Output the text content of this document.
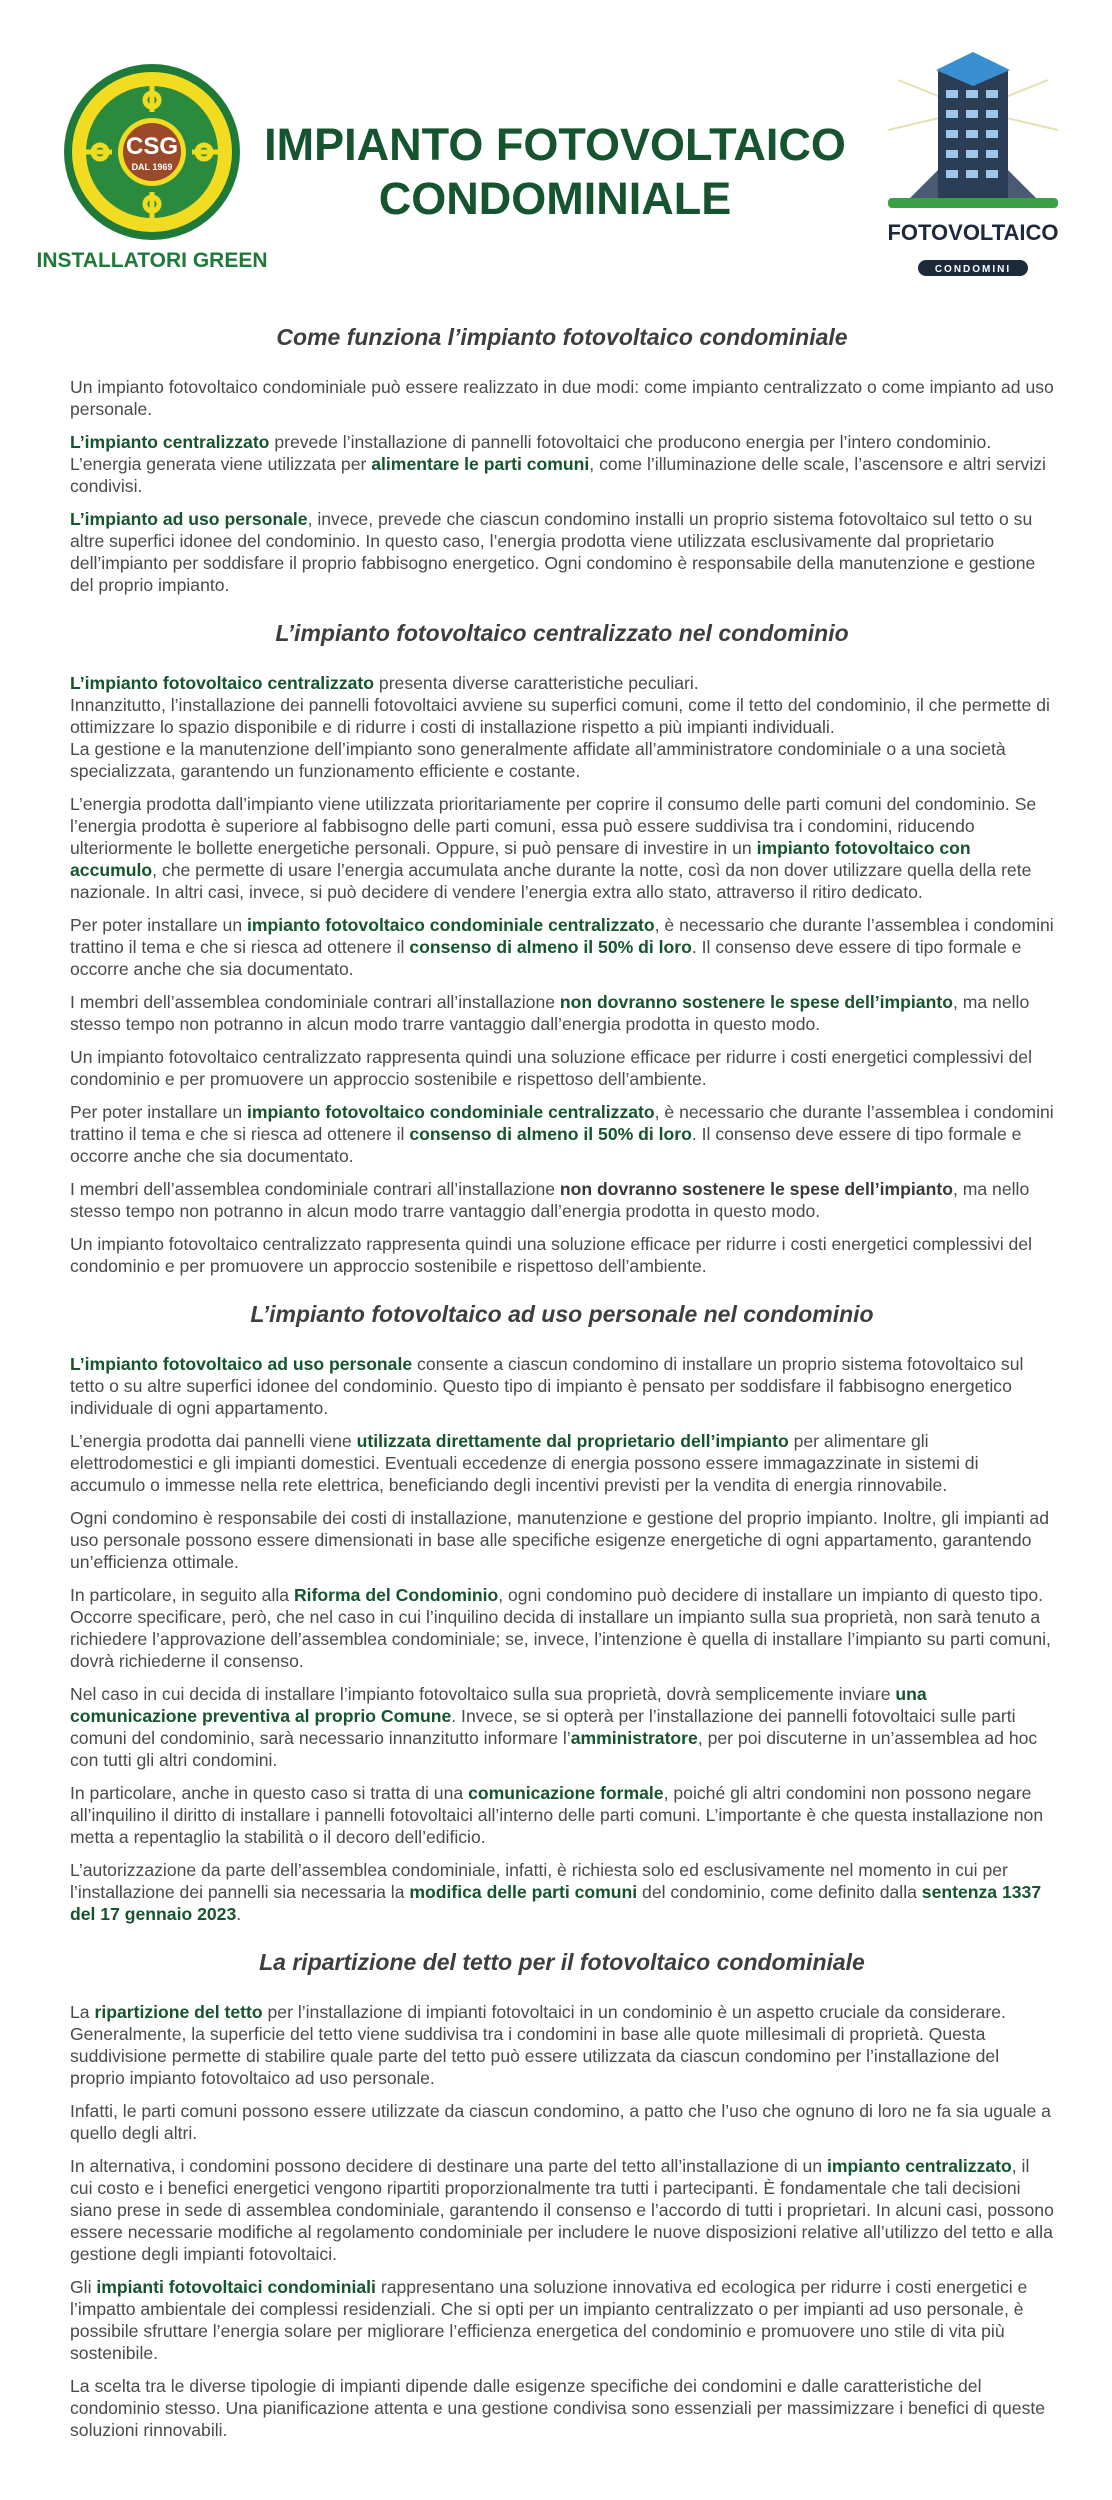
CSG
DAL 1969
INSTALLATORI GREEN
IMPIANTO FOTOVOLTAICO
CONDOMINIALE
FOTOVOLTAICO
CONDOMINI
Come funziona l’impianto fotovoltaico condominiale

Un impianto fotovoltaico condominiale può essere realizzato in due modi: come impianto centralizzato o come impianto ad uso personale.

L’impianto centralizzato prevede l’installazione di pannelli fotovoltaici che producono energia per l’intero condominio.
L’energia generata viene utilizzata per alimentare le parti comuni, come l’illuminazione delle scale, l’ascensore e altri servizi condivisi.

L’impianto ad uso personale, invece, prevede che ciascun condomino installi un proprio sistema fotovoltaico sul tetto o su altre superfici idonee del condominio. In questo caso, l’energia prodotta viene utilizzata esclusivamente dal proprietario dell’impianto per soddisfare il proprio fabbisogno energetico. Ogni condomino è responsabile della manutenzione e gestione del proprio impianto.

L’impianto fotovoltaico centralizzato nel condominio

L’impianto fotovoltaico centralizzato presenta diverse caratteristiche peculiari.
Innanzitutto, l’installazione dei pannelli fotovoltaici avviene su superfici comuni, come il tetto del condominio, il che permette di ottimizzare lo spazio disponibile e di ridurre i costi di installazione rispetto a più impianti individuali.
La gestione e la manutenzione dell’impianto sono generalmente affidate all’amministratore condominiale o a una società specializzata, garantendo un funzionamento efficiente e costante.

L’energia prodotta dall’impianto viene utilizzata prioritariamente per coprire il consumo delle parti comuni del condominio. Se l’energia prodotta è superiore al fabbisogno delle parti comuni, essa può essere suddivisa tra i condomini, riducendo ulteriormente le bollette energetiche personali. Oppure, si può pensare di investire in un impianto fotovoltaico con accumulo, che permette di usare l’energia accumulata anche durante la notte, così da non dover utilizzare quella della rete nazionale. In altri casi, invece, si può decidere di vendere l’energia extra allo stato, attraverso il ritiro dedicato.

Per poter installare un impianto fotovoltaico condominiale centralizzato, è necessario che durante l’assemblea i condomini trattino il tema e che si riesca ad ottenere il consenso di almeno il 50% di loro. Il consenso deve essere di tipo formale e occorre anche che sia documentato.

I membri dell’assemblea condominiale contrari all’installazione non dovranno sostenere le spese dell’impianto, ma nello stesso tempo non potranno in alcun modo trarre vantaggio dall’energia prodotta in questo modo.

Un impianto fotovoltaico centralizzato rappresenta quindi una soluzione efficace per ridurre i costi energetici complessivi del condominio e per promuovere un approccio sostenibile e rispettoso dell’ambiente.

Per poter installare un impianto fotovoltaico condominiale centralizzato, è necessario che durante l’assemblea i condomini trattino il tema e che si riesca ad ottenere il consenso di almeno il 50% di loro. Il consenso deve essere di tipo formale e occorre anche che sia documentato.

I membri dell’assemblea condominiale contrari all’installazione non dovranno sostenere le spese dell’impianto, ma nello stesso tempo non potranno in alcun modo trarre vantaggio dall’energia prodotta in questo modo.

Un impianto fotovoltaico centralizzato rappresenta quindi una soluzione efficace per ridurre i costi energetici complessivi del condominio e per promuovere un approccio sostenibile e rispettoso dell’ambiente.

L’impianto fotovoltaico ad uso personale nel condominio

L’impianto fotovoltaico ad uso personale consente a ciascun condomino di installare un proprio sistema fotovoltaico sul tetto o su altre superfici idonee del condominio. Questo tipo di impianto è pensato per soddisfare il fabbisogno energetico individuale di ogni appartamento.

L’energia prodotta dai pannelli viene utilizzata direttamente dal proprietario dell’impianto per alimentare gli elettrodomestici e gli impianti domestici. Eventuali eccedenze di energia possono essere immagazzinate in sistemi di accumulo o immesse nella rete elettrica, beneficiando degli incentivi previsti per la vendita di energia rinnovabile.

Ogni condomino è responsabile dei costi di installazione, manutenzione e gestione del proprio impianto. Inoltre, gli impianti ad uso personale possono essere dimensionati in base alle specifiche esigenze energetiche di ogni appartamento, garantendo un’efficienza ottimale.

In particolare, in seguito alla Riforma del Condominio, ogni condomino può decidere di installare un impianto di questo tipo. Occorre specificare, però, che nel caso in cui l’inquilino decida di installare un impianto sulla sua proprietà, non sarà tenuto a richiedere l’approvazione dell’assemblea condominiale; se, invece, l’intenzione è quella di installare l’impianto su parti comuni, dovrà richiederne il consenso.

Nel caso in cui decida di installare l’impianto fotovoltaico sulla sua proprietà, dovrà semplicemente inviare una comunicazione preventiva al proprio Comune. Invece, se si opterà per l’installazione dei pannelli fotovoltaici sulle parti comuni del condominio, sarà necessario innanzitutto informare l’amministratore, per poi discuterne in un’assemblea ad hoc con tutti gli altri condomini.

In particolare, anche in questo caso si tratta di una comunicazione formale, poiché gli altri condomini non possono negare all’inquilino il diritto di installare i pannelli fotovoltaici all’interno delle parti comuni. L’importante è che questa installazione non metta a repentaglio la stabilità o il decoro dell’edificio.

L’autorizzazione da parte dell’assemblea condominiale, infatti, è richiesta solo ed esclusivamente nel momento in cui per l’installazione dei pannelli sia necessaria la modifica delle parti comuni del condominio, come definito dalla sentenza 1337 del 17 gennaio 2023.

La ripartizione del tetto per il fotovoltaico condominiale

La ripartizione del tetto per l’installazione di impianti fotovoltaici in un condominio è un aspetto cruciale da considerare. Generalmente, la superficie del tetto viene suddivisa tra i condomini in base alle quote millesimali di proprietà. Questa suddivisione permette di stabilire quale parte del tetto può essere utilizzata da ciascun condomino per l’installazione del proprio impianto fotovoltaico ad uso personale.

Infatti, le parti comuni possono essere utilizzate da ciascun condomino, a patto che l’uso che ognuno di loro ne fa sia uguale a quello degli altri.

In alternativa, i condomini possono decidere di destinare una parte del tetto all’installazione di un impianto centralizzato, il cui costo e i benefici energetici vengono ripartiti proporzionalmente tra tutti i partecipanti. È fondamentale che tali decisioni siano prese in sede di assemblea condominiale, garantendo il consenso e l’accordo di tutti i proprietari. In alcuni casi, possono essere necessarie modifiche al regolamento condominiale per includere le nuove disposizioni relative all’utilizzo del tetto e alla gestione degli impianti fotovoltaici.

Gli impianti fotovoltaici condominiali rappresentano una soluzione innovativa ed ecologica per ridurre i costi energetici e l’impatto ambientale dei complessi residenziali. Che si opti per un impianto centralizzato o per impianti ad uso personale, è possibile sfruttare l’energia solare per migliorare l’efficienza energetica del condominio e promuovere uno stile di vita più sostenibile.

La scelta tra le diverse tipologie di impianti dipende dalle esigenze specifiche dei condomini e dalle caratteristiche del condominio stesso. Una pianificazione attenta e una gestione condivisa sono essenziali per massimizzare i benefici di queste soluzioni rinnovabili.
